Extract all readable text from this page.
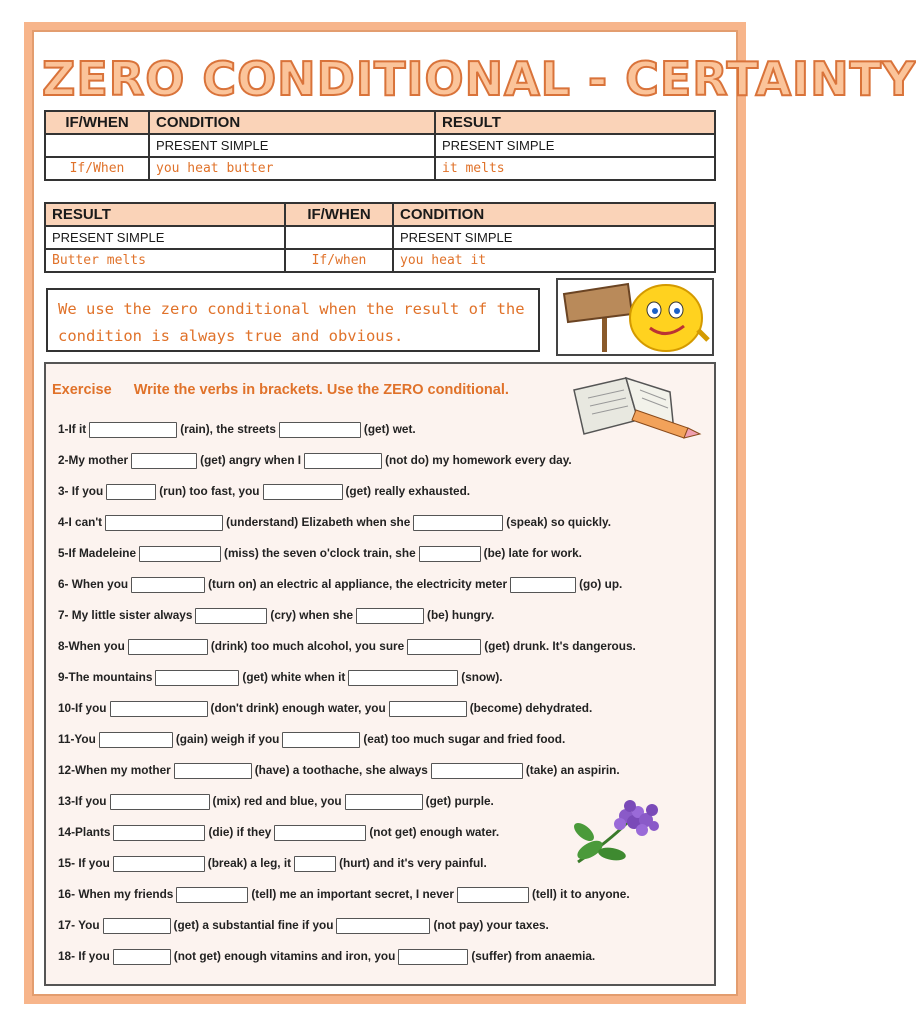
ZERO CONDITIONAL - CERTAINTY
IF/WHEN	CONDITION	RESULT
	PRESENT SIMPLE	PRESENT SIMPLE
If/When	you heat butter	it melts
RESULT	IF/WHEN	CONDITION
PRESENT SIMPLE		PRESENT SIMPLE
Butter melts	If/when	you heat it
We use the zero conditional when the result of the
condition is always true and obvious.
Exercise Write the verbs in brackets. Use the ZERO conditional.
1-If it	(rain), the streets	(get) wet.
2-My mother	(get) angry when I	(not do) my homework every day.
3- If you	(run) too fast, you	(get) really exhausted.
4-I can't	(understand) Elizabeth when she	(speak) so quickly.
5-If Madeleine	(miss) the seven o'clock train, she	(be) late for work.
6- When you	(turn on) an electric al appliance, the electricity meter	(go) up.
7- My little sister always	(cry) when she	(be) hungry.
8-When you	(drink) too much alcohol, you sure	(get) drunk. It's dangerous.
9-The mountains	(get) white when it	(snow).
10-If you	(don't drink) enough water, you	(become) dehydrated.
11-You	(gain) weigh if you	(eat) too much sugar and fried food.
12-When my mother	(have) a toothache, she always	(take) an aspirin.
13-If you	(mix) red and blue, you	(get) purple.
14-Plants	(die) if they	(not get) enough water.
15- If you	(break) a leg, it	(hurt) and it's very painful.
16- When my friends	(tell) me an important secret, I never	(tell) it to anyone.
17- You	(get) a substantial fine if you	(not pay) your taxes.
18- If you	(not get) enough vitamins and iron, you	(suffer) from anaemia.
